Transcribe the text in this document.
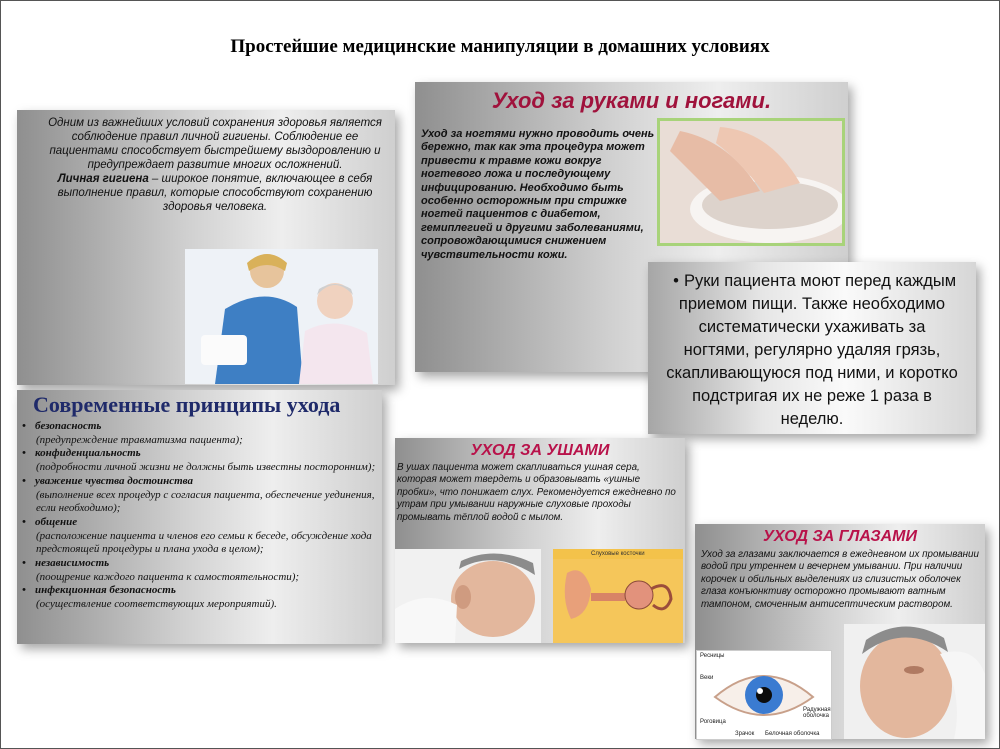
Простейшие медицинские манипуляции в домашних условиях
Одним из важнейших условий сохранения здоровья является соблюдение правил личной гигиены. Соблюдение ее пациентами способствует быстрейшему выздоровлению и предупреждает развитие многих осложнений.
Личная гигиена – широкое понятие, включающее в себя выполнение правил, которые способствуют сохранению здоровья человека.
Уход за руками и ногами.
Уход за ногтями нужно проводить очень бережно, так как эта процедура может привести к травме кожи вокруг ногтевого ложа и последующему инфицированию. Необходимо быть особенно осторожным при стрижке ногтей пациентов с диабетом, гемиплегией и другими заболеваниями, сопровождающимися снижением чувствительности кожи.
• Руки пациента моют перед каждым
приемом пищи. Также необходимо
систематически ухаживать за
ногтями, регулярно удаляя грязь,
скапливающуюся под ними, и коротко
подстригая их не реже 1 раза в
неделю.
Современные принципы ухода
• безопасность
(предупреждение травматизма пациента);
• конфиденциальность
(подробности личной жизни не должны быть известны посторонним);
• уважение чувства достоинства
(выполнение всех процедур с согласия пациента, обеспечение уединения, если необходимо);
• общение
(расположение пациента и членов его семьи к беседе, обсуждение хода предстоящей процедуры и плана ухода в целом);
• независимость
(поощрение каждого пациента к самостоятельности);
• инфекционная безопасность
(осуществление соответствующих мероприятий).
УХОД ЗА УШАМИ
В ушах пациента может скапливаться ушная сера, которая может твердеть и образовывать «ушные пробки», что понижает слух. Рекомендуется ежедневно по утрам при умывании наружные слуховые проходы промывать тёплой водой с мылом.
Слуховые косточки
УХОД ЗА ГЛАЗАМИ
Уход за глазами заключается в ежедневном их промывании водой при утреннем и вечернем умывании. При наличии корочек и обильных выделениях из слизистых оболочек глаза конъюнктиву осторожно промывают ватным тампоном, смоченным антисептическим раствором.
Ресницы
Веки
Роговица
Радужная оболочка
Зрачок Белочная оболочка
